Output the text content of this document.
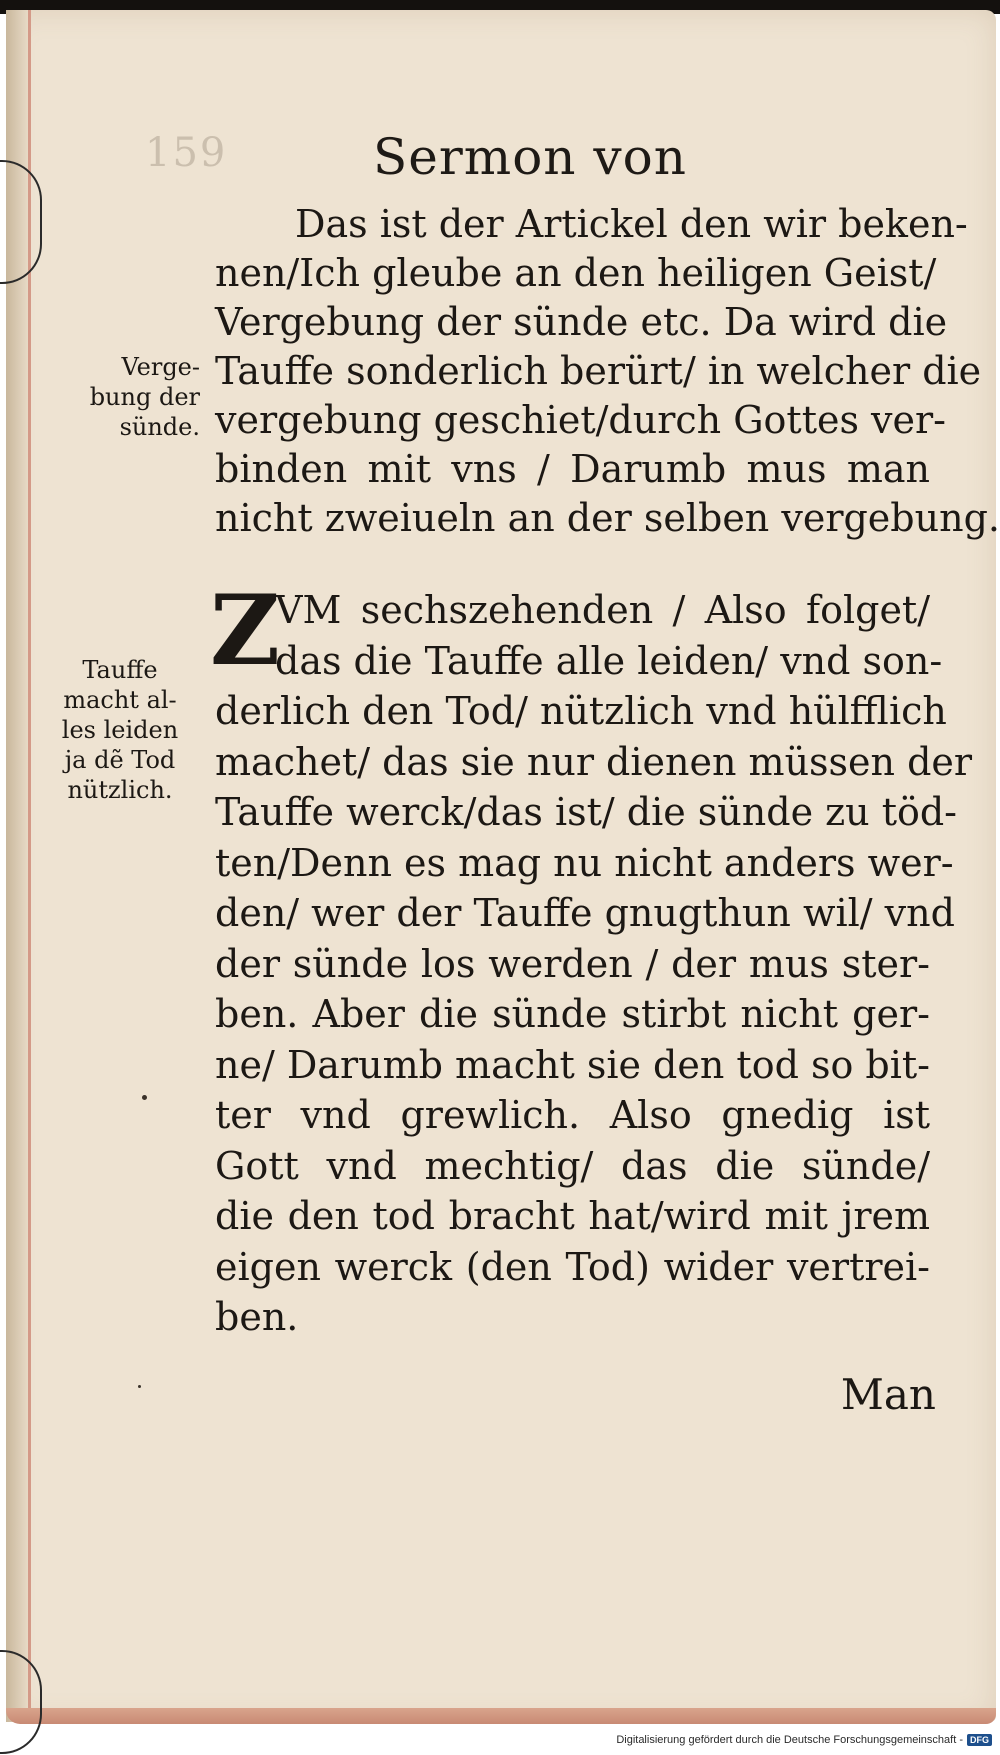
159	Sermon von
Verge-
bung der
sünde.
Tauffe
macht al-
les leiden
ja dẽ Tod
nützlich.
Das ist der Artickel den wir beken-
nen/Ich gleube an den heiligen Geist/
Vergebung der sünde etc. Da wird die
Tauffe sonderlich berürt/ in welcher die
vergebung geschiet/durch Gottes ver-
binden mit vns / Darumb mus man
nicht zweiueln an der selben vergebung.
Z
VM sechszehenden / Also folget/
das die Tauffe alle leiden/ vnd son-
derlich den Tod/ nützlich vnd hülfflich
machet/ das sie nur dienen müssen der
Tauffe werck/das ist/ die sünde zu töd-
ten/Denn es mag nu nicht anders wer-
den/ wer der Tauffe gnugthun wil/ vnd
der sünde los werden / der mus ster-
ben. Aber die sünde stirbt nicht ger-
ne/ Darumb macht sie den tod so bit-
ter vnd grewlich. Also gnedig ist
Gott vnd mechtig/ das die sünde/
die den tod bracht hat/wird mit jrem
eigen werck (den Tod) wider vertrei-
ben.
Man
Digitalisierung gefördert durch die Deutsche Forschungsgemeinschaft - DFG
